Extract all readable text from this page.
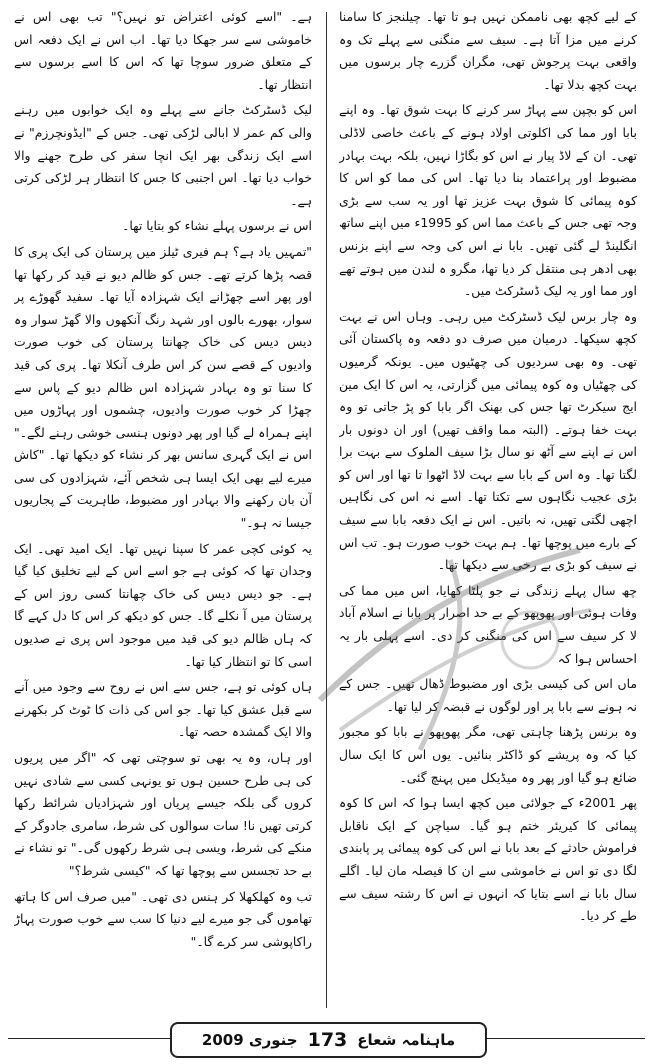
کے لیے کچھ بھی ناممکن نہیں ہو تا تھا۔ چیلنجز کا سامنا کرنے میں مزا آتا ہے۔ سیف سے منگنی سے پہلے تک وہ واقعی بہت پرجوش تھی، مگران گزرے چار برسوں میں بہت کچھ بدلا تھا۔

اس کو بچپن سے پہاڑ سر کرنے کا بہت شوق تھا۔ وہ اپنے بابا اور مما کی اکلوتی اولاد ہونے کے باعث خاصی لاڈلی تھی۔ ان کے لاڈ پیار نے اس کو بگاڑا نہیں، بلکہ بہت بہادر مضبوط اور پراعتماد بنا دیا تھا۔ اس کی مما کو اس کا کوہ پیمائی کا شوق بہت عزیز تھا اور یہ سب سے بڑی وجہ تھی جس کے باعث مما اس کو 1995ء میں اپنے ساتھ انگلینڈ لے گئی تھیں۔ بابا نے اس کی وجہ سے اپنے بزنس بھی ادھر ہی منتقل کر دیا تھا، مگرو ہ لندن میں ہوتے تھے اور مما اور یہ لیک ڈسٹرکٹ میں۔

وہ چار برس لیک ڈسٹرکٹ میں رہی۔ وہاں اس نے بہت کچھ سیکھا۔ درمیان میں صرف دو دفعہ وہ پاکستان آئی تھی۔ وہ بھی سردیوں کی چھٹیوں میں۔ یونکہ گرمیوں کی چھٹیاں وہ کوہ پیمائی میں گزارتی، یہ اس کا ایک مین ایج سیکرٹ تھا جس کی بھنک اگر بابا کو پڑ جاتی تو وہ بہت خفا ہوتے۔ (البتہ مما واقف تھیں) اور ان دونوں بار اس نے اپنے سے آٹھ نو سال بڑا سیف الملوک سے بہت برا لگتا تھا۔ وہ اس کے بابا سے بہت لاڈ اٹھوا تا تھا اور اس کو بڑی عجیب نگاہوں سے تکتا تھا۔ اسے نہ اس کی نگاہیں اچھی لگتی تھیں، نہ باتیں۔ اس نے ایک دفعہ بابا سے سیف کے بارے میں پوچھا تھا۔ ہم بہت خوب صورت ہو۔ تب اس نے سیف کو بڑی بے رخی سے دیکھا تھا۔

چھ سال پہلے زندگی نے جو پلٹا کھایا، اس میں مما کی وفات ہوئی اور پھوپھو کے بے حد اصرار پر بابا نے اسلام آباد لا کر سیف سے اس کی منگنی کر دی۔ اسے پہلی بار یہ احساس ہوا کہ

ماں اس کی کیسی بڑی اور مضبوط ڈھال تھیں۔ جس کے نہ ہونے سے بابا پر اور لوگوں نے قبضہ کر لیا تھا۔

وہ برنس پڑھنا چاہتی تھی، مگر پھوپھو نے بابا کو مجبور کیا کہ وہ پریشے کو ڈاکٹر بنائیں۔ یوں اس کا ایک سال ضائع ہو گیا اور پھر وہ میڈیکل میں پہنچ گئی۔

پھر 2001ء کے جولائی میں کچھ ایسا ہوا کہ اس کا کوہ پیمائی کا کیریئر ختم ہو گیا۔ سیاچن کے ایک ناقابل فراموش حادثے کے بعد بابا نے اس کی کوہ پیمائی پر پابندی لگا دی تو اس نے خاموشی سے ان کا فیصلہ مان لیا۔ اگلے سال بابا نے اسے بتایا کہ انہوں نے اس کا رشتہ سیف سے طے کر دیا۔

ہے۔ "اسے کوئی اعتراض تو نہیں؟" تب بھی اس نے خاموشی سے سر جھکا دیا تھا۔ اب اس نے ایک دفعہ اس کے متعلق ضرور سوچا تھا کہ اس کا اسے برسوں سے انتظار تھا۔

لیک ڈسٹرکٹ جانے سے پہلے وہ ایک خوابوں میں رہنے والی کم عمر لا ابالی لڑکی تھی۔ جس کے "ایڈونچرزم" نے اسے ایک زندگی بھر ایک انچا سفر کی طرح جھنے والا خواب دیا تھا۔ اس اجنبی کا جس کا انتظار ہر لڑکی کرتی ہے۔

اس نے برسوں پہلے نشاء کو بتایا تھا۔

"تمہیں یاد ہے؟ ہم فیری ٹیلز میں پرستان کی ایک پری کا قصہ پڑھا کرتے تھے۔ جس کو ظالم دیو نے قید کر رکھا تھا اور پھر اسے چھڑانے ایک شہزادہ آیا تھا۔ سفید گھوڑے پر سوار، بھورے بالوں اور شہد رنگ آنکھوں والا گھڑ سوار وہ دیس دیس کی خاک چھانتا پرستان کی خوب صورت وادیوں کے قصے سن کر اس طرف آنکلا تھا۔ پری کی قید کا سنا تو وہ بہادر شہزادہ اس ظالم دیو کے پاس سے چھڑا کر خوب صورت وادیوں، چشموں اور پہاڑوں میں اپنے ہمراہ لے گیا اور پھر دونوں ہنسی خوشی رہنے لگے۔" اس نے ایک گہری سانس بھر کر نشاء کو دیکھا تھا۔ "کاش میرے لیے بھی ایک ایسا ہی شخص آئے، شہزادوں کی سی آن بان رکھنے والا بہادر اور مضبوط، طاہریت کے پجاریوں جیسا نہ ہو۔"

یہ کوئی کچی عمر کا سپنا نہیں تھا۔ ایک امید تھی۔ ایک وجدان تھا کہ کوئی ہے جو اسے اس کے لیے تخلیق کیا گیا ہے۔ جو دیس دیس کی خاک چھانتا کسی روز اس کے پرستان میں آ نکلے گا۔ جس کو دیکھ کر اس کا دل کہے گا کہ ہاں ظالم دیو کی قید میں موجود اس پری نے صدیوں اسی کا تو انتظار کیا تھا۔

ہاں کوئی تو ہے، جس سے اس نے روح سے وجود میں آنے سے قبل عشق کیا تھا۔ جو اس کی ذات کا ٹوٹ کر بکھرنے والا ایک گمشدہ حصہ تھا۔

اور ہاں، وہ یہ بھی تو سوچتی تھی کہ "اگر میں پریوں کی ہی طرح حسین ہوں تو یونہی کسی سے شادی نہیں کروں گی بلکہ جیسے پریاں اور شہزادیاں شرائط رکھا کرتی تھیں نا! سات سوالوں کی شرط، سامری جادوگر کے منکے کی شرط، ویسی ہی شرط رکھوں گی۔" تو نشاء نے بے حد تجسس سے پوچھا تھا کہ "کیسی شرط؟"

تب وہ کھلکھلا کر ہنس دی تھی۔ "میں صرف اس کا ہاتھ تھاموں گی جو میرے لیے دنیا کا سب سے خوب صورت پہاڑ راکاپوشی سر کرے گا۔"

ماہنامہ شعاع
173
جنوری 2009
